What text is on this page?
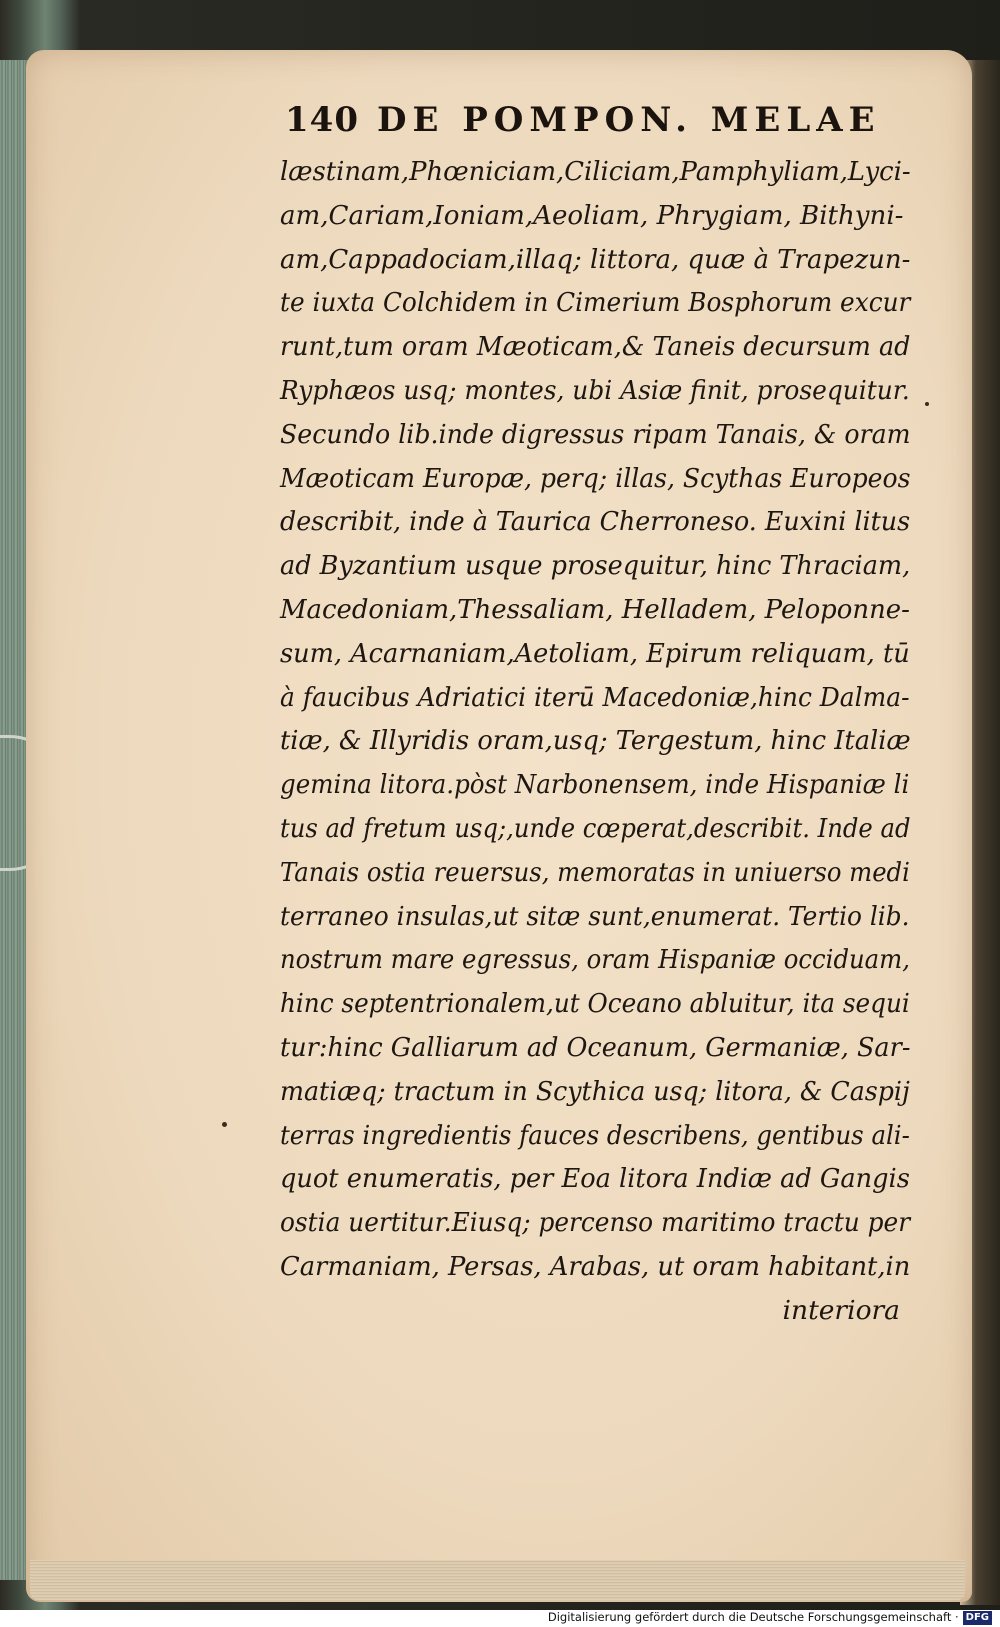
140 DE POMPON. MELAE
læstinam,Phœniciam,Ciliciam,Pamphyliam,Lyci-
am,Cariam,Ioniam,Aeoliam, Phrygiam, Bithyni-
am,Cappadociam,illaq; littora, quæ à Trapezun-
te iuxta Colchidem in Cimerium Bosphorum excur
runt,tum oram Mæoticam,& Taneis decursum ad
Ryphæos usq; montes, ubi Asiæ finit, prosequitur.
Secundo lib.inde digressus ripam Tanais, & oram
Mæoticam Europæ, perq; illas, Scythas Europeos
describit, inde à Taurica Cherroneso. Euxini litus
ad Byzantium usque prosequitur, hinc Thraciam,
Macedoniam,Thessaliam, Helladem, Peloponne-
sum, Acarnaniam,Aetoliam, Epirum reliquam, tū
à faucibus Adriatici iterū Macedoniæ,hinc Dalma-
tiæ, & Illyridis oram,usq; Tergestum, hinc Italiæ
gemina litora.pòst Narbonensem, inde Hispaniæ li
tus ad fretum usq;,unde cœperat,describit. Inde ad
Tanais ostia reuersus, memoratas in uniuerso medi
terraneo insulas,ut sitæ sunt,enumerat. Tertio lib.
nostrum mare egressus, oram Hispaniæ occiduam,
hinc septentrionalem,ut Oceano abluitur, ita sequi
tur:hinc Galliarum ad Oceanum, Germaniæ, Sar-
matiæq; tractum in Scythica usq; litora, & Caspij
terras ingredientis fauces describens, gentibus ali-
quot enumeratis, per Eoa litora Indiæ ad Gangis
ostia uertitur.Eiusq; percenso maritimo tractu per
Carmaniam, Persas, Arabas, ut oram habitant,in
interiora
Digitalisierung gefördert durch die Deutsche Forschungsgemeinschaft · DFG
